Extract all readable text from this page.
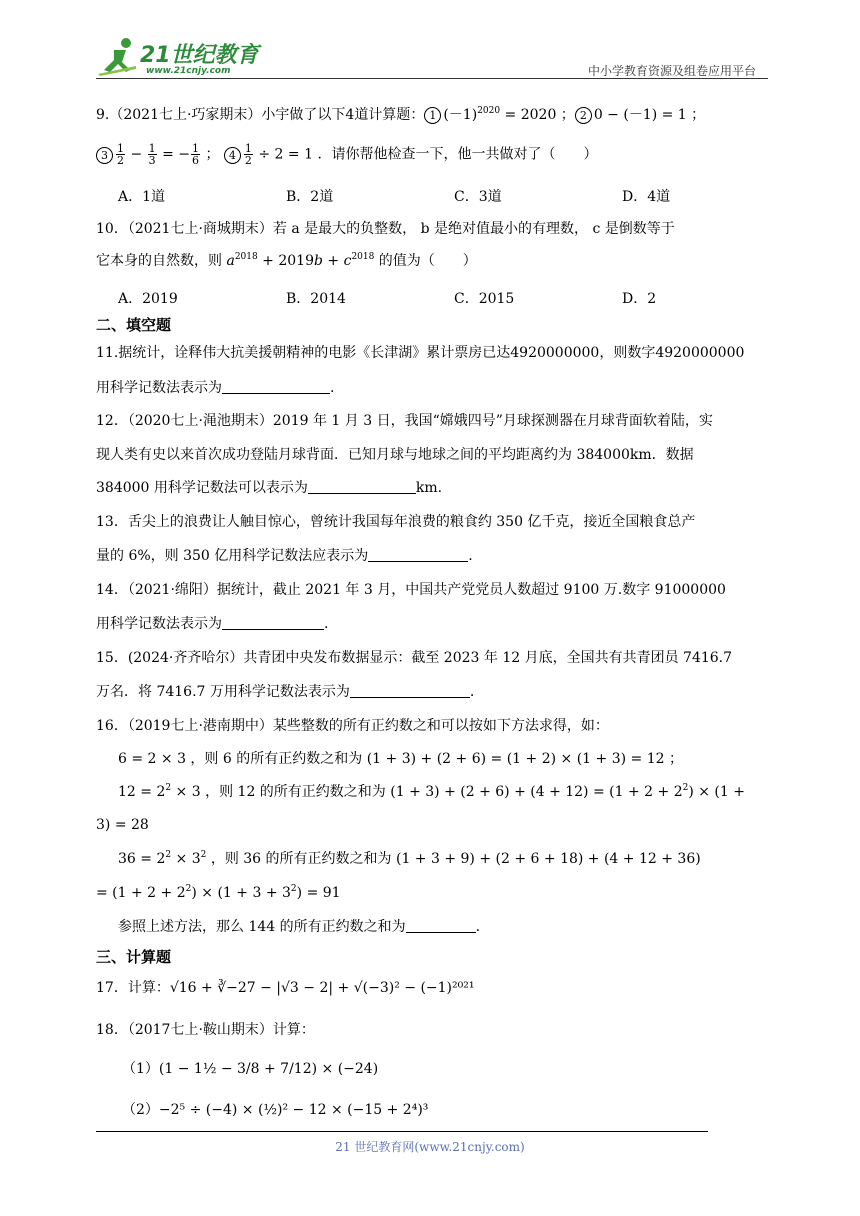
21世纪教育
www.21cnjy.com	中小学教育资源及组卷应用平台
9.（2021七上·巧家期末）小宇做了以下4道计算题： 1 $(-1)^{2020} = 2020$ ； 2 0 − (－1) = 1 ；
$3 \frac{1}{2} - \frac{1}{3}$ = − $\frac{1}{6}$ ； $4 \frac{1}{2} \div 2 = 1$ ．请你帮他检查一下，他一共做对了（　　）
A．1道	B．2道	C．3道	D．4道
10．（2021七上·商城期末）若 a 是最大的负整数， b 是绝对值最小的有理数， c 是倒数等于
它本身的自然数，则 $a^{2018} + 2019b + c^{2018}$ 的值为（　　）
A．2019	B．2014	C．2015	D．2
二、填空题
11.据统计，诠释伟大抗美援朝精神的电影《长津湖》累计票房已达4920000000，则数字4920000000
用科学记数法表示为	.
12．（2020七上·渑池期末）2019 年 1 月 3 日，我国“嫦娥四号”月球探测器在月球背面软着陆，实
现人类有史以来首次成功登陆月球背面．已知月球与地球之间的平均距离约为 384000km．数据
384000 用科学记数法可以表示为	km.
13．舌尖上的浪费让人触目惊心，曾统计我国每年浪费的粮食约 350 亿千克，接近全国粮食总产
量的 6%，则 350 亿用科学记数法应表示为	.
14．（2021·绵阳）据统计，截止 2021 年 3 月，中国共产党党员人数超过 9100 万.数字 91000000
用科学记数法表示为	.
15．(2024·齐齐哈尔）共青团中央发布数据显示：截至 2023 年 12 月底，全国共有共青团员 7416.7
万名．将 7416.7 万用科学记数法表示为	.
16．（2019七上·港南期中）某些整数的所有正约数之和可以按如下方法求得，如：
6 = 2 × 3 ，则 6 的所有正约数之和为 (1 + 3) + (2 + 6) = (1 + 2) × (1 + 3) = 12 ；
$12 = 2^2 \times 3$ ，则 12 的所有正约数之和为 $(1 + 3) + (2 + 6) + (4 + 12) = (1 + 2 + 2^2) \times (1$ +
3) = 28
$36 = 2^2 \times 3^2$ ，则 36 的所有正约数之和为 (1 + 3 + 9) + (2 + 6 + 18) + (4 + 12 + 36)
= $(1 + 2 + 2^2) \times (1 + 3 + 3^2) = 91$
参照上述方法，那么 144 的所有正约数之和为	.
三、计算题
17．计算：√16 + ∛−27 − |√3 − 2| + √(−3)² − (−1)²⁰²¹
18．（2017七上·鞍山期末）计算：
（1）(1 − 1½ − 3/8 + 7/12) × (−24)
（2）−2⁵ ÷ (−4) × (½)² − 12 × (−15 + 2⁴)³
21 世纪教育网(www.21cnjy.com)
